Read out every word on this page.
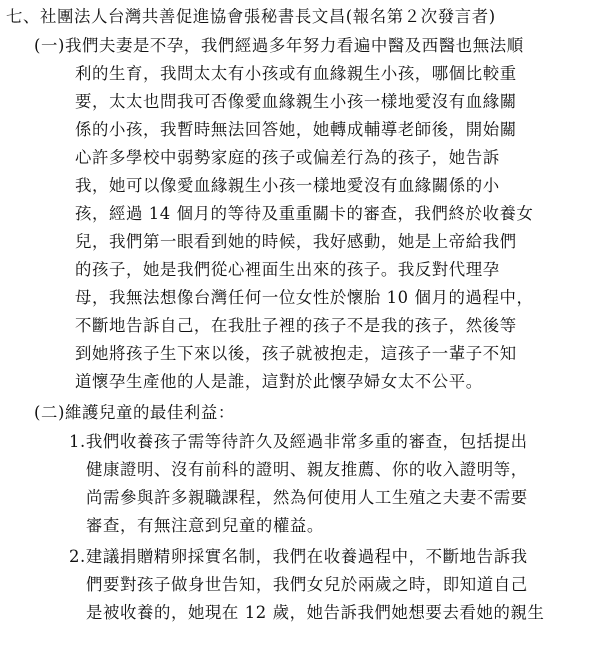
七、社團法人台灣共善促進協會張秘書長文昌(報名第２次發言者)
(一)我們夫妻是不孕，我們經過多年努力看遍中醫及西醫也無法順
利的生育，我問太太有小孩或有血緣親生小孩，哪個比較重
要，太太也問我可否像愛血緣親生小孩一樣地愛沒有血緣關
係的小孩，我暫時無法回答她，她轉成輔導老師後，開始關
心許多學校中弱勢家庭的孩子或偏差行為的孩子，她告訴
我，她可以像愛血緣親生小孩一樣地愛沒有血緣關係的小
孩，經過 14 個月的等待及重重關卡的審查，我們終於收養女
兒，我們第一眼看到她的時候，我好感動，她是上帝給我們
的孩子，她是我們從心裡面生出來的孩子。我反對代理孕
母，我無法想像台灣任何一位女性於懷胎 10 個月的過程中，
不斷地告訴自己，在我肚子裡的孩子不是我的孩子，然後等
到她將孩子生下來以後，孩子就被抱走，這孩子一輩子不知
道懷孕生產他的人是誰，這對於此懷孕婦女太不公平。
(二)維護兒童的最佳利益：
1.我們收養孩子需等待許久及經過非常多重的審查，包括提出
健康證明、沒有前科的證明、親友推薦、你的收入證明等，
尚需參與許多親職課程，然為何使用人工生殖之夫妻不需要
審查，有無注意到兒童的權益。
2.建議捐贈精卵採實名制，我們在收養過程中，不斷地告訴我
們要對孩子做身世告知，我們女兒於兩歲之時，即知道自己
是被收養的，她現在 12 歲，她告訴我們她想要去看她的親生
